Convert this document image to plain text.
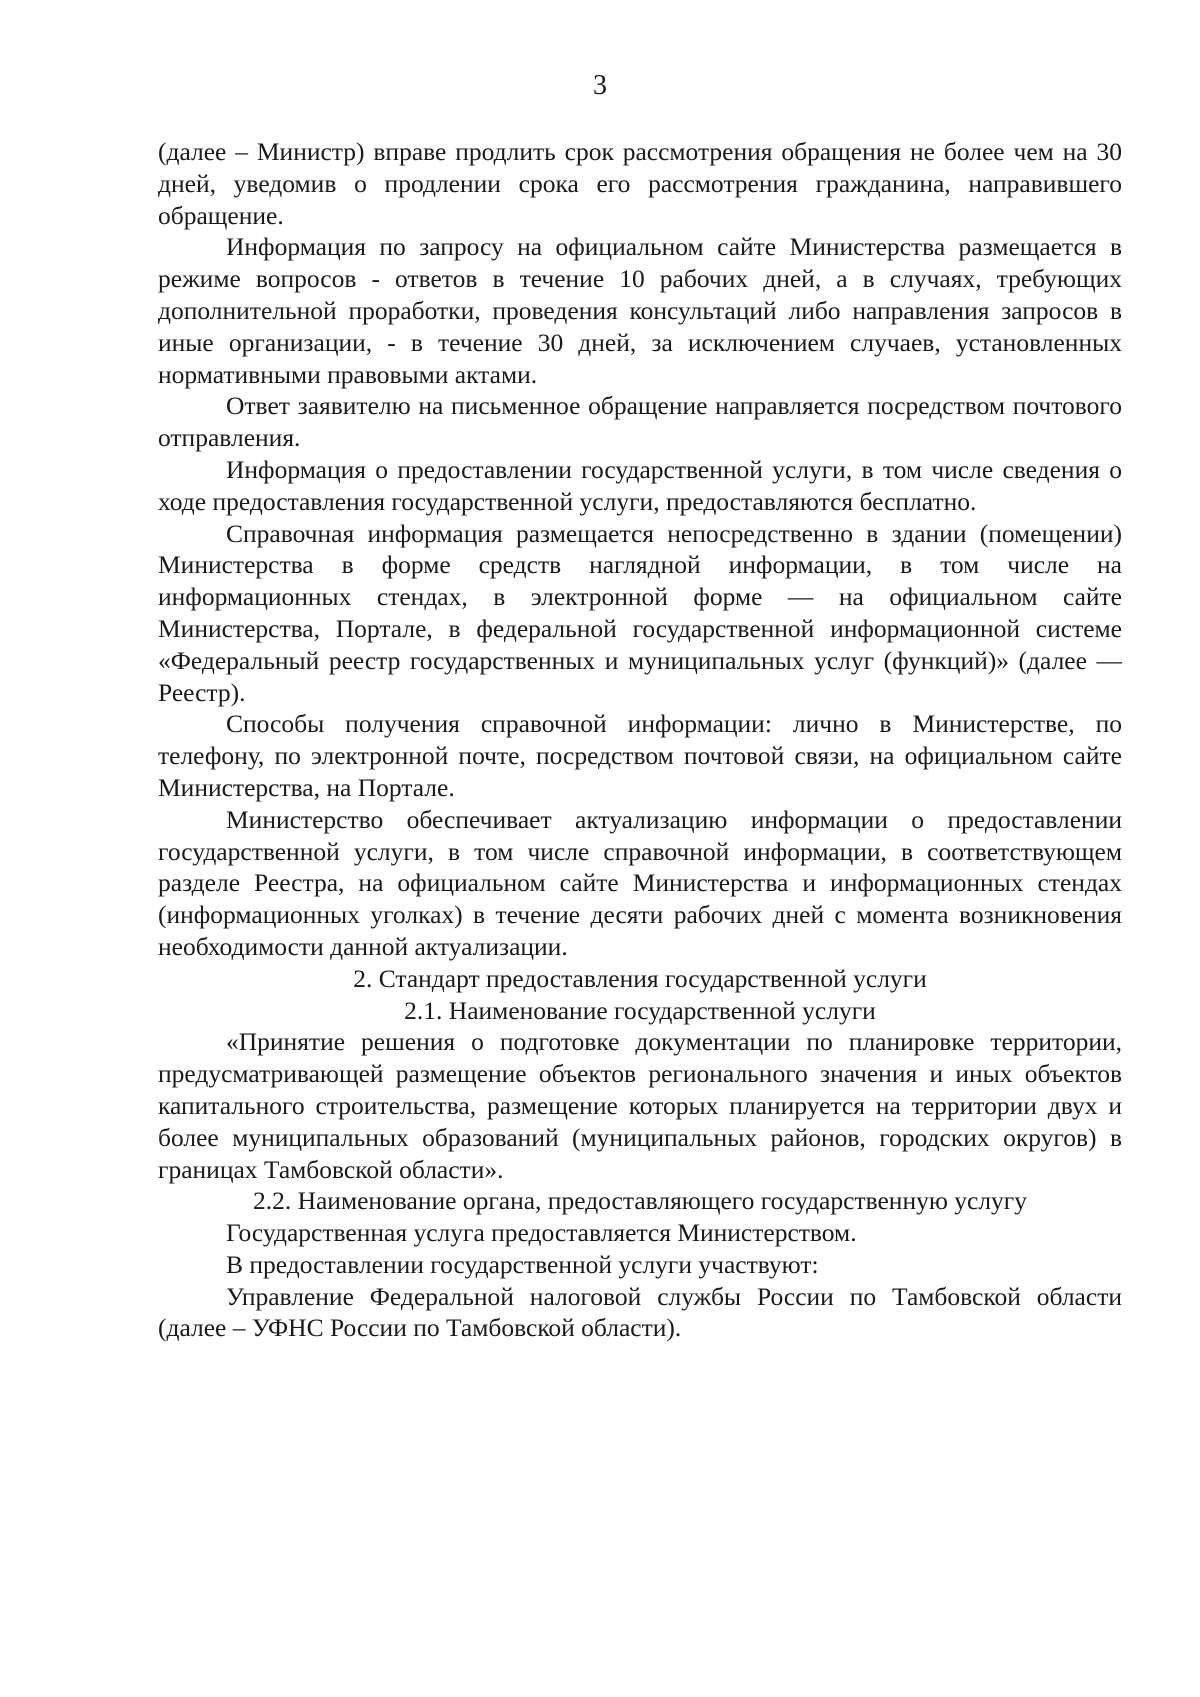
3

(далее – Министр) вправе продлить срок рассмотрения обращения не более чем на 30 дней, уведомив о продлении срока его рассмотрения гражданина, направившего обращение.

Информация по запросу на официальном сайте Министерства размещается в режиме вопросов - ответов в течение 10 рабочих дней, а в случаях, требующих дополнительной проработки, проведения консультаций либо направления запросов в иные организации, - в течение 30 дней, за исключением случаев, установленных нормативными правовыми актами.

Ответ заявителю на письменное обращение направляется посредством почтового отправления.

Информация о предоставлении государственной услуги, в том числе сведения о ходе предоставления государственной услуги, предоставляются бесплатно.

Справочная информация размещается непосредственно в здании (помещении) Министерства в форме средств наглядной информации, в том числе на информационных стендах, в электронной форме — на официальном сайте Министерства, Портале, в федеральной государственной информационной системе «Федеральный реестр государственных и муниципальных услуг (функций)» (далее — Реестр).

Способы получения справочной информации: лично в Министерстве, по телефону, по электронной почте, посредством почтовой связи, на официальном сайте Министерства, на Портале.

Министерство обеспечивает актуализацию информации о предоставлении государственной услуги, в том числе справочной информации, в соответствующем разделе Реестра, на официальном сайте Министерства и информационных стендах (информационных уголках) в течение десяти рабочих дней с момента возникновения необходимости данной актуализации.

2. Стандарт предоставления государственной услуги
2.1. Наименование государственной услуги

«Принятие решения о подготовке документации по планировке территории, предусматривающей размещение объектов регионального значения и иных объектов капитального строительства, размещение которых планируется на территории двух и более муниципальных образований (муниципальных районов, городских округов) в границах Тамбовской области».

2.2. Наименование органа, предоставляющего государственную услугу

Государственная услуга предоставляется Министерством.

В предоставлении государственной услуги участвуют:

Управление Федеральной налоговой службы России по Тамбовской области (далее – УФНС России по Тамбовской области).
